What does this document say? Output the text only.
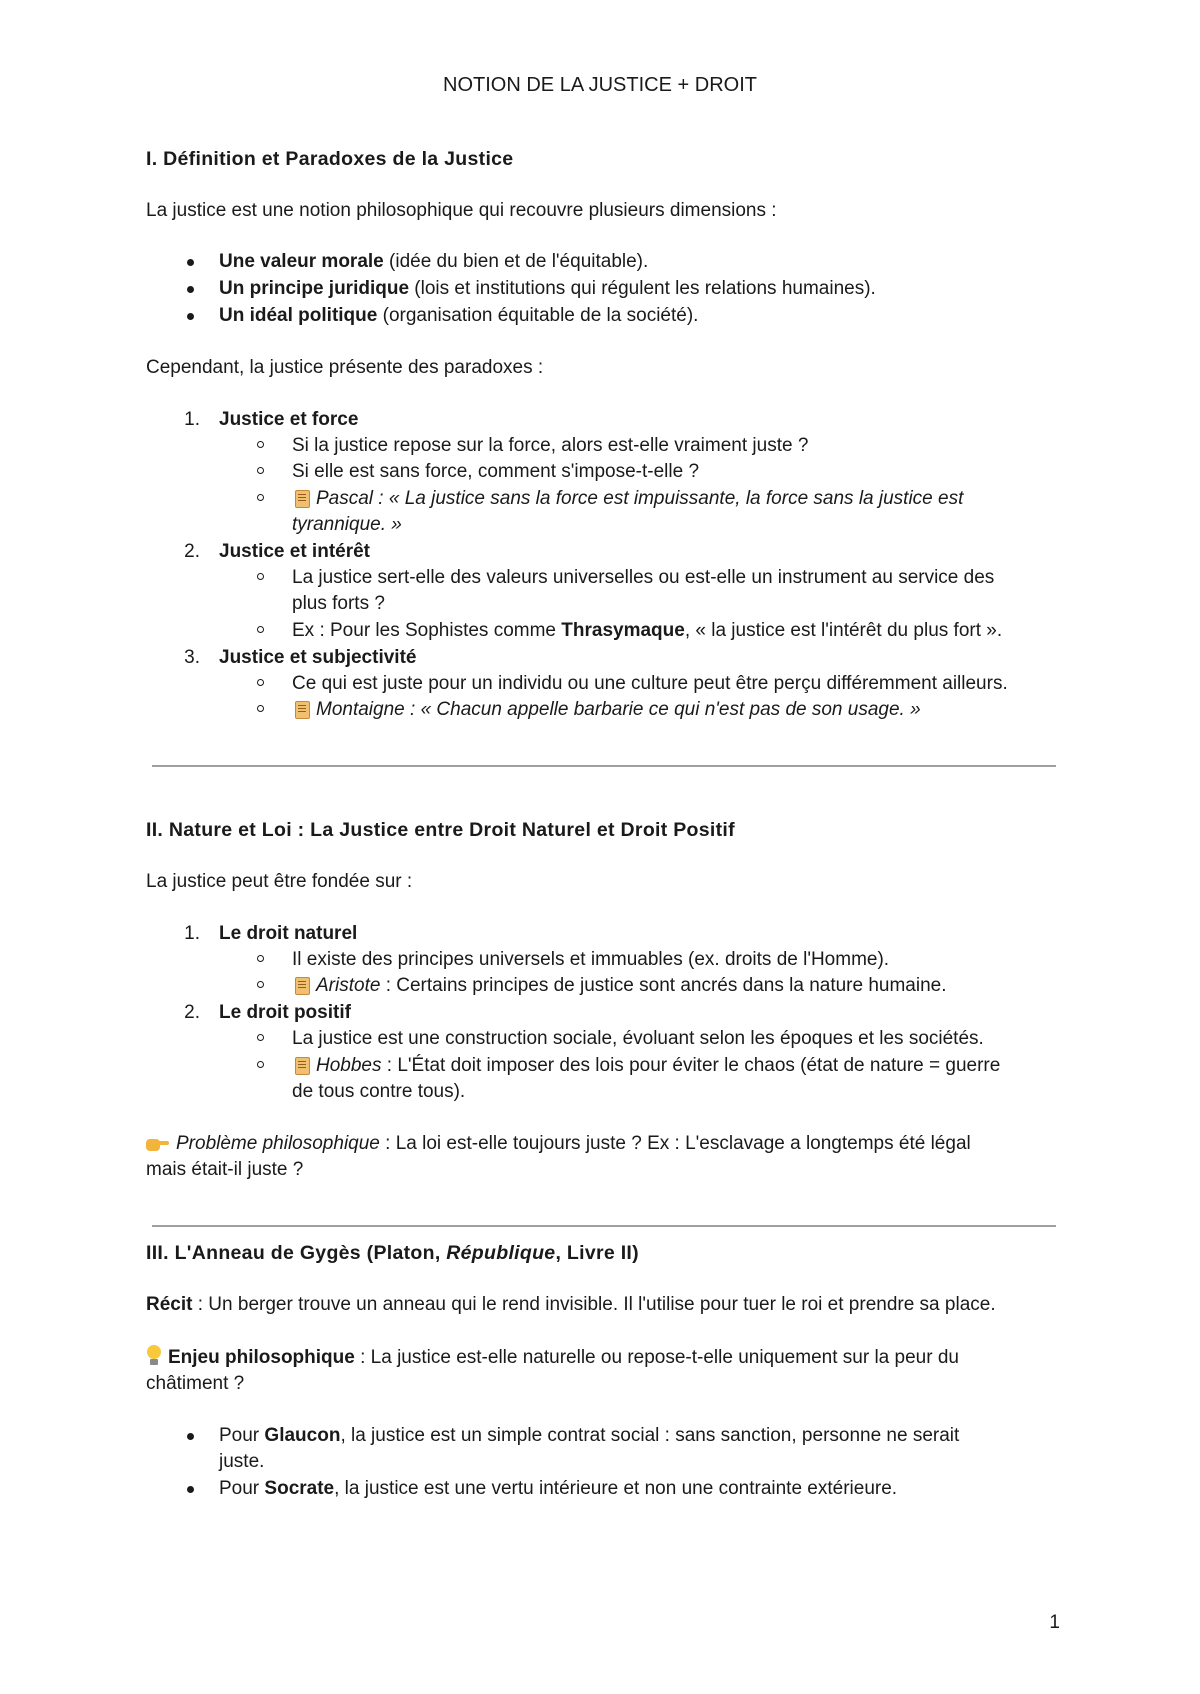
NOTION DE LA JUSTICE + DROIT
I. Définition et Paradoxes de la Justice
La justice est une notion philosophique qui recouvre plusieurs dimensions :
Une valeur morale (idée du bien et de l'équitable).
Un principe juridique (lois et institutions qui régulent les relations humaines).
Un idéal politique (organisation équitable de la société).
Cependant, la justice présente des paradoxes :
1. Justice et force
Si la justice repose sur la force, alors est-elle vraiment juste ?
Si elle est sans force, comment s'impose-t-elle ?
Pascal : « La justice sans la force est impuissante, la force sans la justice est
tyrannique. »
2. Justice et intérêt
La justice sert-elle des valeurs universelles ou est-elle un instrument au service des
plus forts ?
Ex : Pour les Sophistes comme Thrasymaque, « la justice est l'intérêt du plus fort ».
3. Justice et subjectivité
Ce qui est juste pour un individu ou une culture peut être perçu différemment ailleurs.
Montaigne : « Chacun appelle barbarie ce qui n'est pas de son usage. »
II. Nature et Loi : La Justice entre Droit Naturel et Droit Positif
La justice peut être fondée sur :
1. Le droit naturel
Il existe des principes universels et immuables (ex. droits de l'Homme).
Aristote : Certains principes de justice sont ancrés dans la nature humaine.
2. Le droit positif
La justice est une construction sociale, évoluant selon les époques et les sociétés.
Hobbes : L'État doit imposer des lois pour éviter le chaos (état de nature = guerre
de tous contre tous).
Problème philosophique : La loi est-elle toujours juste ? Ex : L'esclavage a longtemps été légal
mais était-il juste ?
III. L'Anneau de Gygès (Platon, République, Livre II)
Récit : Un berger trouve un anneau qui le rend invisible. Il l'utilise pour tuer le roi et prendre sa place.
Enjeu philosophique : La justice est-elle naturelle ou repose-t-elle uniquement sur la peur du
châtiment ?
Pour Glaucon, la justice est un simple contrat social : sans sanction, personne ne serait
juste.
Pour Socrate, la justice est une vertu intérieure et non une contrainte extérieure.
1
